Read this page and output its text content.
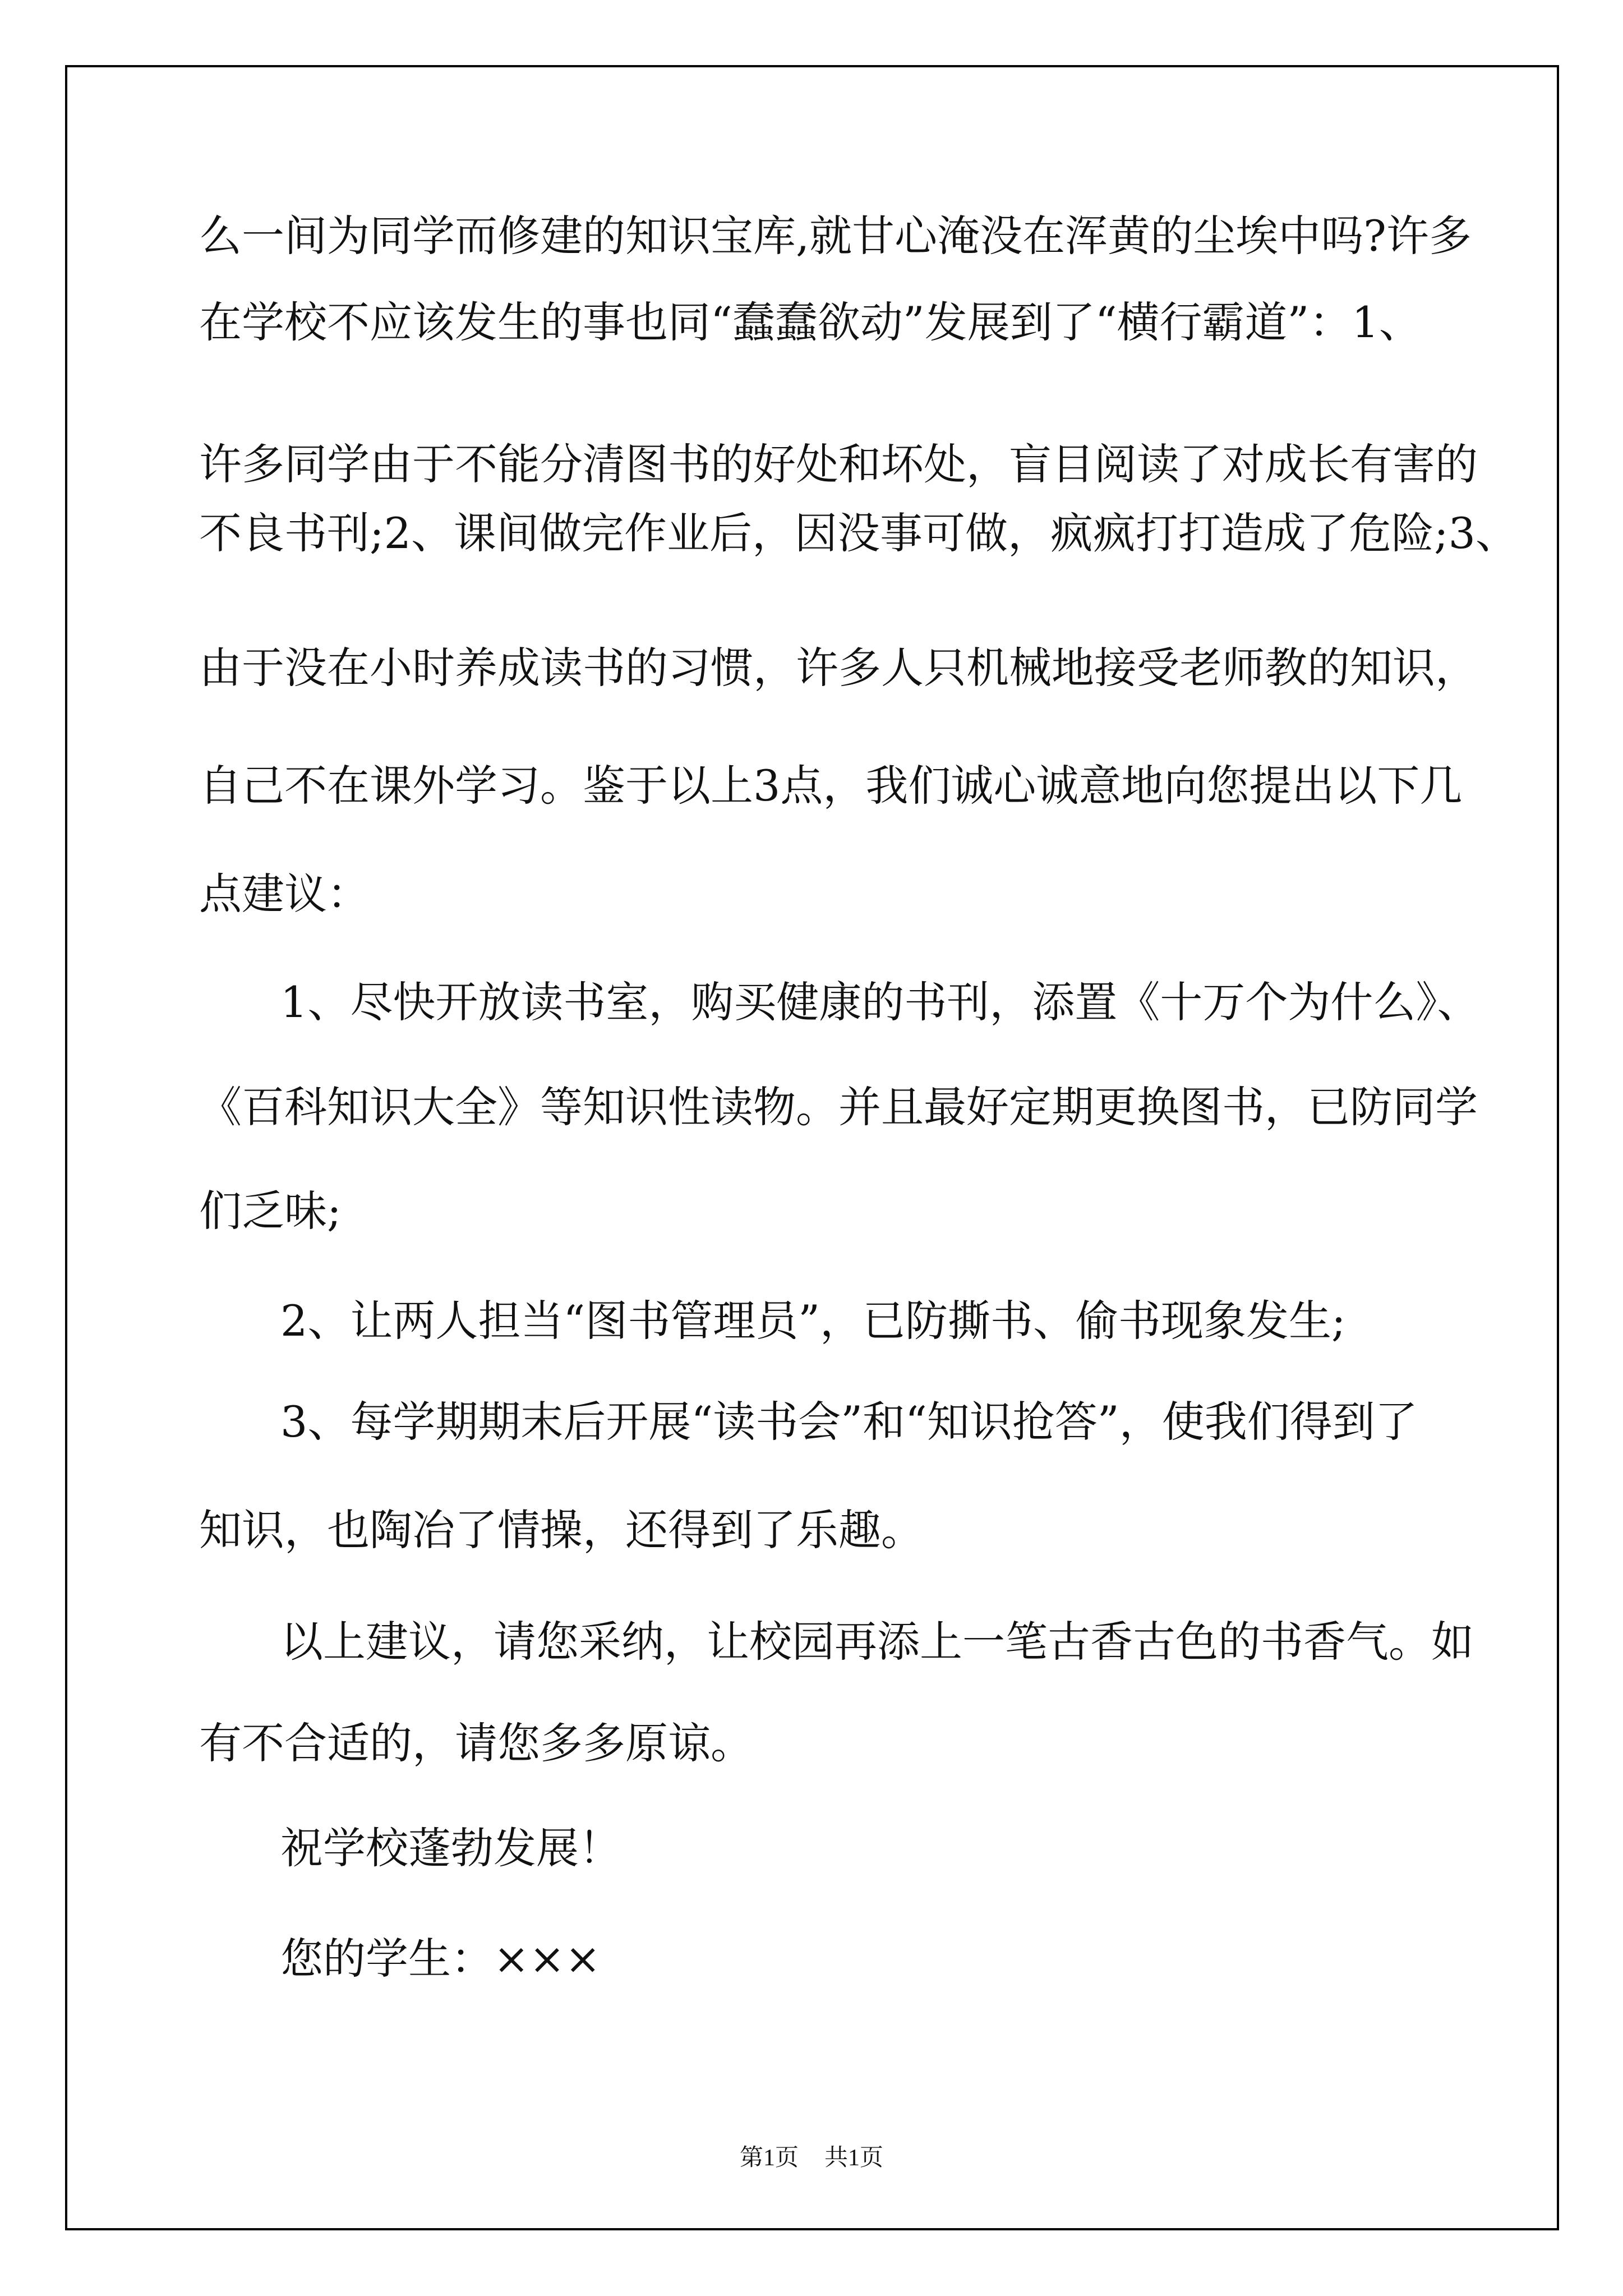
么一间为同学而修建的知识宝库,就甘心淹没在浑黄的尘埃中吗?许多
在学校不应该发生的事也同“蠢蠢欲动”发展到了“横行霸道”：1、
许多同学由于不能分清图书的好处和坏处，盲目阅读了对成长有害的
不良书刊;2、课间做完作业后，因没事可做，疯疯打打造成了危险;3、
由于没在小时养成读书的习惯，许多人只机械地接受老师教的知识，
自己不在课外学习。鉴于以上3点，我们诚心诚意地向您提出以下几
点建议：
1、尽快开放读书室，购买健康的书刊，添置《十万个为什么》、
《百科知识大全》等知识性读物。并且最好定期更换图书，已防同学
们乏味;
2、让两人担当“图书管理员”，已防撕书、偷书现象发生;
3、每学期期末后开展“读书会”和“知识抢答”，使我们得到了
知识，也陶冶了情操，还得到了乐趣。
以上建议，请您采纳，让校园再添上一笔古香古色的书香气。如
有不合适的，请您多多原谅。
祝学校蓬勃发展！
您的学生：×××
第1页 共1页
